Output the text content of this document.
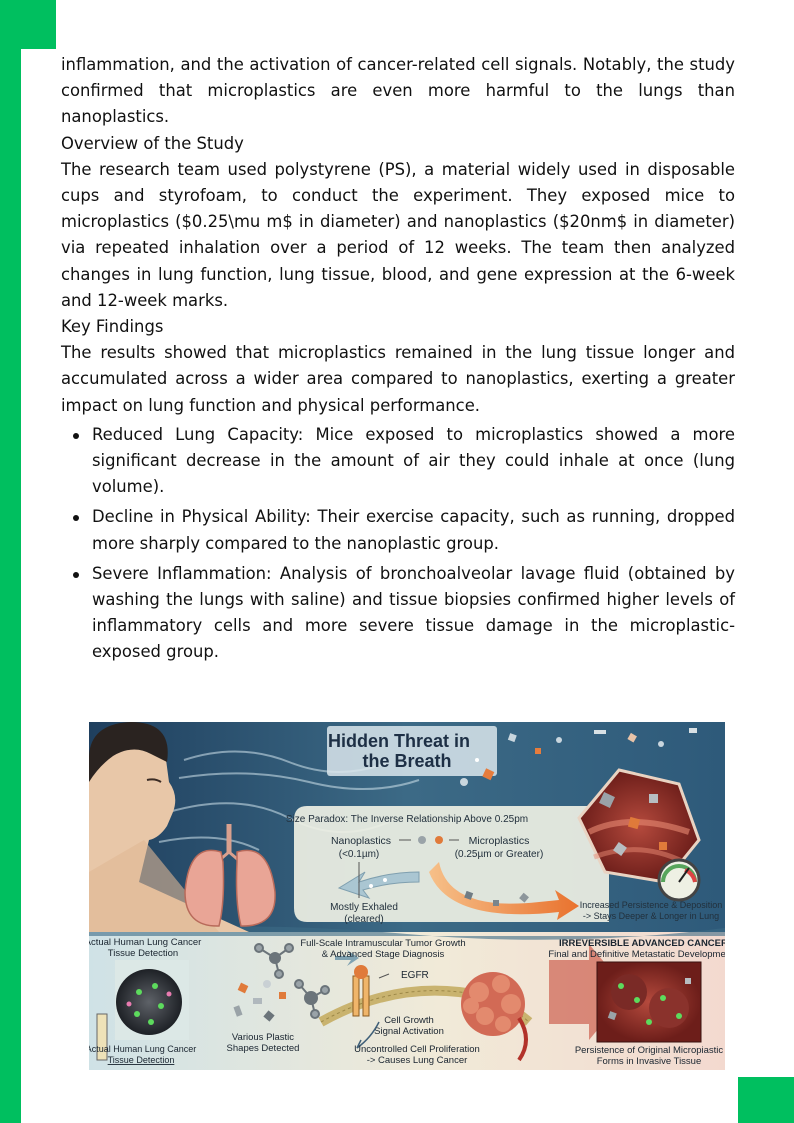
inflammation, and the activation of cancer-related cell signals. Notably, the study confirmed that microplastics are even more harmful to the lungs than nanoplastics.

Overview of the Study

The research team used polystyrene (PS), a material widely used in disposable cups and styrofoam, to conduct the experiment. They exposed mice to microplastics ($0.25\mu m$ in diameter) and nanoplastics ($20nm$ in diameter) via repeated inhalation over a period of 12 weeks. The team then analyzed changes in lung function, lung tissue, blood, and gene expression at the 6-week and 12-week marks.

Key Findings

The results showed that microplastics remained in the lung tissue longer and accumulated across a wider area compared to nanoplastics, exerting a greater impact on lung function and physical performance.

Reduced Lung Capacity: Mice exposed to microplastics showed a more significant decrease in the amount of air they could inhale at once (lung volume).
Decline in Physical Ability: Their exercise capacity, such as running, dropped more sharply compared to the nanoplastic group.
Severe Inflammation: Analysis of bronchoalveolar lavage fluid (obtained by washing the lungs with saline) and tissue biopsies confirmed higher levels of inflammatory cells and more severe tissue damage in the microplastic-exposed group.
Hidden Threat in
the Breath
Size Paradox: The Inverse Relationship Above 0.25pm
Nanoplastics
(<0.1µm)
Microplastics
(0.25µm or Greater)
Mostly Exhaled
(cleared)
Increased Persistence & Deposition
-> Stays Deeper & Longer in Lung
Actual Human Lung Cancer
Tissue Detection
Actual Human Lung Cancer
Tissue Detection
Various Plastic
Shapes Detected
EGFR
Full-Scale Intramuscular Tumor Growth
& Advanced Stage Diagnosis
Cell Growth
Signal Activation
Uncontrolled Cell Proliferation
-> Causes Lung Cancer
IRREVERSIBLE ADVANCED CANCER:
Final and Definitive Metastatic Development
Persistence of Original Micropiastic
Forms in Invasive Tissue
